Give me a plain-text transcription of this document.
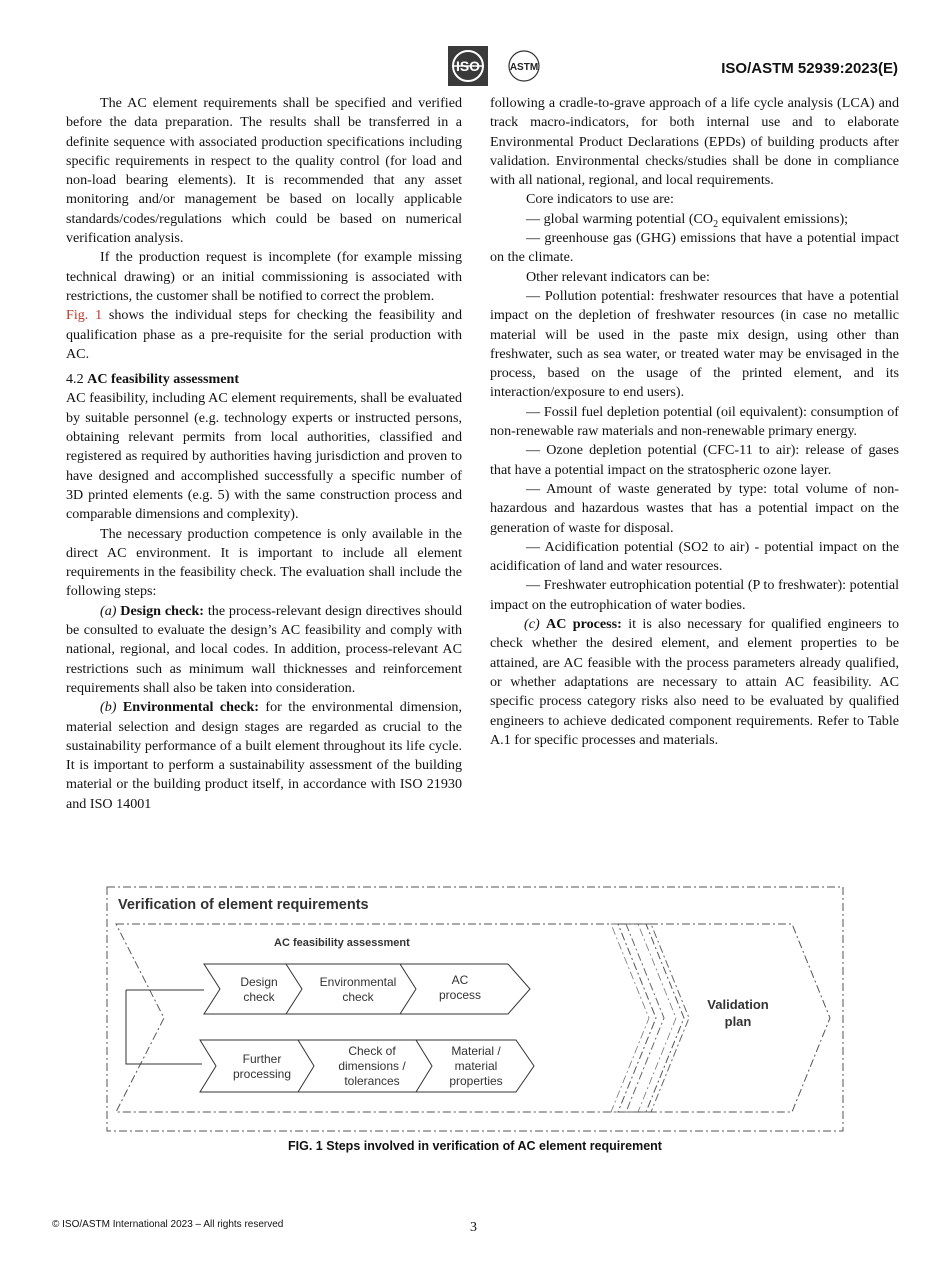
ISO	ASTM	ISO/ASTM 52939:2023(E)

The AC element requirements shall be specified and verified before the data preparation. The results shall be transferred in a definite sequence with associated production specifications including specific requirements in respect to the quality control (for load and non-load bearing elements). It is recommended that any asset monitoring and/or management be based on locally applicable standards/codes/regulations which could be based on numerical verification analysis.

If the production request is incomplete (for example missing technical drawing) or an initial commissioning is associated with restrictions, the customer shall be notified to correct the problem.

Fig. 1 shows the individual steps for checking the feasibility and qualification phase as a pre-requisite for the serial production with AC.

4.2 AC feasibility assessment

AC feasibility, including AC element requirements, shall be evaluated by suitable personnel (e.g. technology experts or instructed persons, obtaining relevant permits from local authorities, classified and registered as required by authorities having jurisdiction and proven to have designed and accomplished successfully a specific number of 3D printed elements (e.g. 5) with the same construction process and comparable dimensions and complexity).

The necessary production competence is only available in the direct AC environment. It is important to include all element requirements in the feasibility check. The evaluation shall include the following steps:

(a) Design check: the process-relevant design directives should be consulted to evaluate the design’s AC feasibility and comply with national, regional, and local codes. In addition, process-relevant AC restrictions such as minimum wall thicknesses and reinforcement requirements shall also be taken into consideration.

(b) Environmental check: for the environmental dimension, material selection and design stages are regarded as crucial to the sustainability performance of a built element throughout its life cycle. It is important to perform a sustainability assessment of the building material or the building product itself, in accordance with ISO 21930 and ISO 14001

following a cradle-to-grave approach of a life cycle analysis (LCA) and track macro-indicators, for both internal use and to elaborate Environmental Product Declarations (EPDs) of building products after validation. Environmental checks/studies shall be done in compliance with all national, regional, and local requirements.

Core indicators to use are:

— global warming potential ($CO_2$ equivalent emissions);

— greenhouse gas (GHG) emissions that have a potential impact on the climate.

Other relevant indicators can be:

— Pollution potential: freshwater resources that have a potential impact on the depletion of freshwater resources (in case no metallic material will be used in the paste mix design, using other than freshwater, such as sea water, or treated water may be envisaged in the process, based on the usage of the printed element, and its interaction/exposure to end users).

— Fossil fuel depletion potential (oil equivalent): consumption of non-renewable raw materials and non-renewable primary energy.

— Ozone depletion potential (CFC-11 to air): release of gases that have a potential impact on the stratospheric ozone layer.

— Amount of waste generated by type: total volume of non-hazardous and hazardous wastes that has a potential impact on the generation of waste for disposal.

— Acidification potential (SO2 to air) - potential impact on the acidification of land and water resources.

— Freshwater eutrophication potential (P to freshwater): potential impact on the eutrophication of water bodies.

(c) AC process: it is also necessary for qualified engineers to check whether the desired element, and element properties to be attained, are AC feasible with the process parameters already qualified, or whether adaptations are necessary to attain AC feasibility. AC specific process category risks also need to be evaluated by qualified engineers to achieve dedicated component requirements. Refer to Table A.1 for specific processes and materials.

Verification of element requirements
Validation
plan
AC feasibility assessment
Design
check
Environmental
check
AC
process
Further
processing
Check of
dimensions /
tolerances
Material /
material
properties
FIG. 1 Steps involved in verification of AC element requirement
© ISO/ASTM International 2023 – All rights reserved	3
